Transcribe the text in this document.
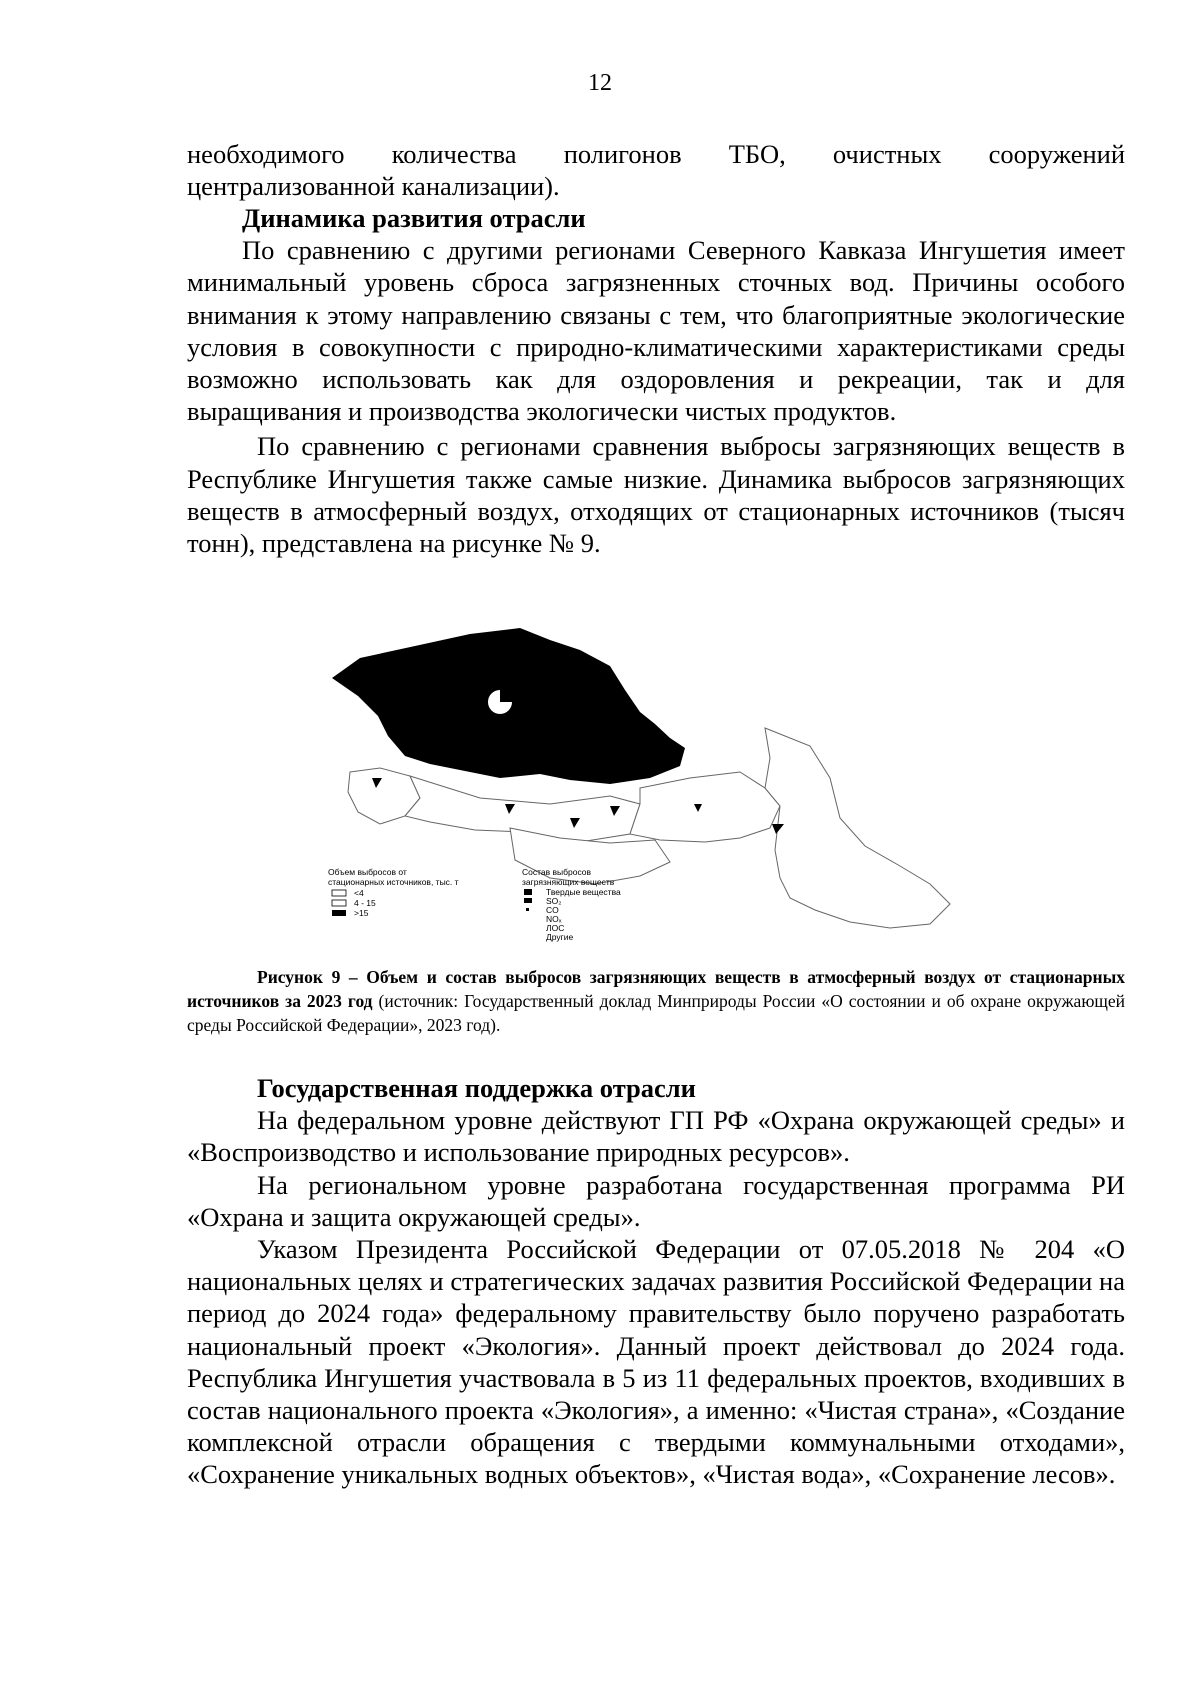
12

необходимого количества полигонов ТБО, очистных сооружений централизованной канализации).

Динамика развития отрасли

По сравнению с другими регионами Северного Кавказа Ингушетия имеет минимальный уровень сброса загрязненных сточных вод. Причины особого внимания к этому направлению связаны с тем, что благоприятные экологические условия в совокупности с природно-климатическими характеристиками среды возможно использовать как для оздоровления и рекреации, так и для выращивания и производства экологически чистых продуктов.

По сравнению с регионами сравнения выбросы загрязняющих веществ в Республике Ингушетия также самые низкие. Динамика выбросов загрязняющих веществ в атмосферный воздух, отходящих от стационарных источников (тысяч тонн), представлена на рисунке № 9.

Объем выбросов от
стационарных источников, тыс. т
<4
4 - 15
>15
Состав выбросов
загрязняющих веществ
Твердые вещества
SO₂
CO
NOₓ
ЛОС
Другие

Рисунок 9 – Объем и состав выбросов загрязняющих веществ в атмосферный воздух от стационарных источников за 2023 год (источник: Государственный доклад Минприроды России «О состоянии и об охране окружающей среды Российской Федерации», 2023 год).

Государственная поддержка отрасли

На федеральном уровне действуют ГП РФ «Охрана окружающей среды» и «Воспроизводство и использование природных ресурсов».

На региональном уровне разработана государственная программа РИ «Охрана и защита окружающей среды».

Указом Президента Российской Федерации от 07.05.2018 № 204 «О национальных целях и стратегических задачах развития Российской Федерации на период до 2024 года» федеральному правительству было поручено разработать национальный проект «Экология». Данный проект действовал до 2024 года. Республика Ингушетия участвовала в 5 из 11 федеральных проектов, входивших в состав национального проекта «Экология», а именно: «Чистая страна», «Создание комплексной отрасли обращения с твердыми коммунальными отходами», «Сохранение уникальных водных объектов», «Чистая вода», «Сохранение лесов».
